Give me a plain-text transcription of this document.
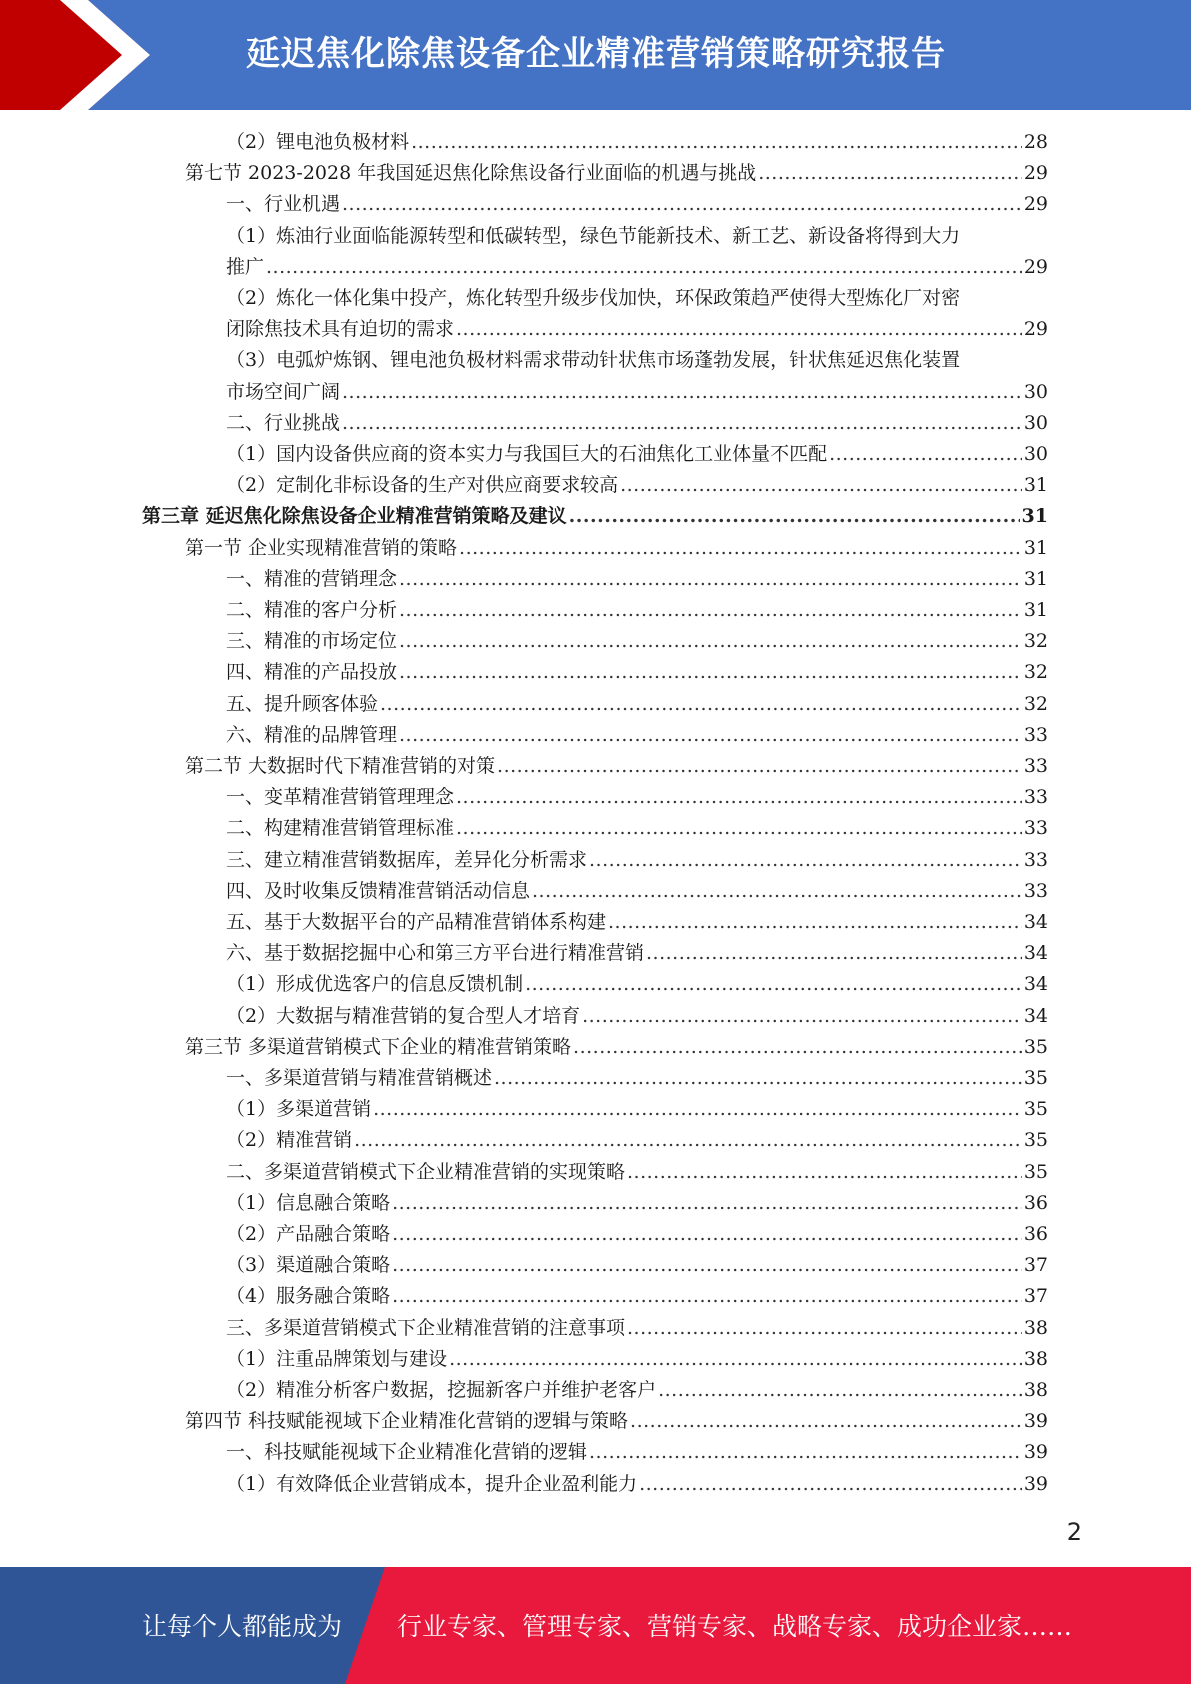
延迟焦化除焦设备企业精准营销策略研究报告
（2）锂电池负极材料 .....	28
第七节 2023-2028 年我国延迟焦化除焦设备行业面临的机遇与挑战 .....	29
一、行业机遇 .....	29
（1）炼油行业面临能源转型和低碳转型，绿色节能新技术、新工艺、新设备将得到大力
推广 .....	29
（2）炼化一体化集中投产，炼化转型升级步伐加快，环保政策趋严使得大型炼化厂对密
闭除焦技术具有迫切的需求 .....	29
（3）电弧炉炼钢、锂电池负极材料需求带动针状焦市场蓬勃发展，针状焦延迟焦化装置
市场空间广阔 .....	30
二、行业挑战 .....	30
（1）国内设备供应商的资本实力与我国巨大的石油焦化工业体量不匹配 .....	30
（2）定制化非标设备的生产对供应商要求较高 .....	31
第三章 延迟焦化除焦设备企业精准营销策略及建议 .....	31
第一节 企业实现精准营销的策略 .....	31
一、精准的营销理念 .....	31
二、精准的客户分析 .....	31
三、精准的市场定位 .....	32
四、精准的产品投放 .....	32
五、提升顾客体验 .....	32
六、精准的品牌管理 .....	33
第二节 大数据时代下精准营销的对策 .....	33
一、变革精准营销管理理念 .....	33
二、构建精准营销管理标准 .....	33
三、建立精准营销数据库，差异化分析需求 .....	33
四、及时收集反馈精准营销活动信息 .....	33
五、基于大数据平台的产品精准营销体系构建 .....	34
六、基于数据挖掘中心和第三方平台进行精准营销 .....	34
（1）形成优选客户的信息反馈机制 .....	34
（2）大数据与精准营销的复合型人才培育 .....	34
第三节 多渠道营销模式下企业的精准营销策略 .....	35
一、多渠道营销与精准营销概述 .....	35
（1）多渠道营销 .....	35
（2）精准营销 .....	35
二、多渠道营销模式下企业精准营销的实现策略 .....	35
（1）信息融合策略 .....	36
（2）产品融合策略 .....	36
（3）渠道融合策略 .....	37
（4）服务融合策略 .....	37
三、多渠道营销模式下企业精准营销的注意事项 .....	38
（1）注重品牌策划与建设 .....	38
（2）精准分析客户数据，挖掘新客户并维护老客户 .....	38
第四节 科技赋能视域下企业精准化营销的逻辑与策略 .....	39
一、科技赋能视域下企业精准化营销的逻辑 .....	39
（1）有效降低企业营销成本，提升企业盈利能力 .....	39
2
让每个人都能成为 行业专家、管理专家、营销专家、战略专家、成功企业家……
